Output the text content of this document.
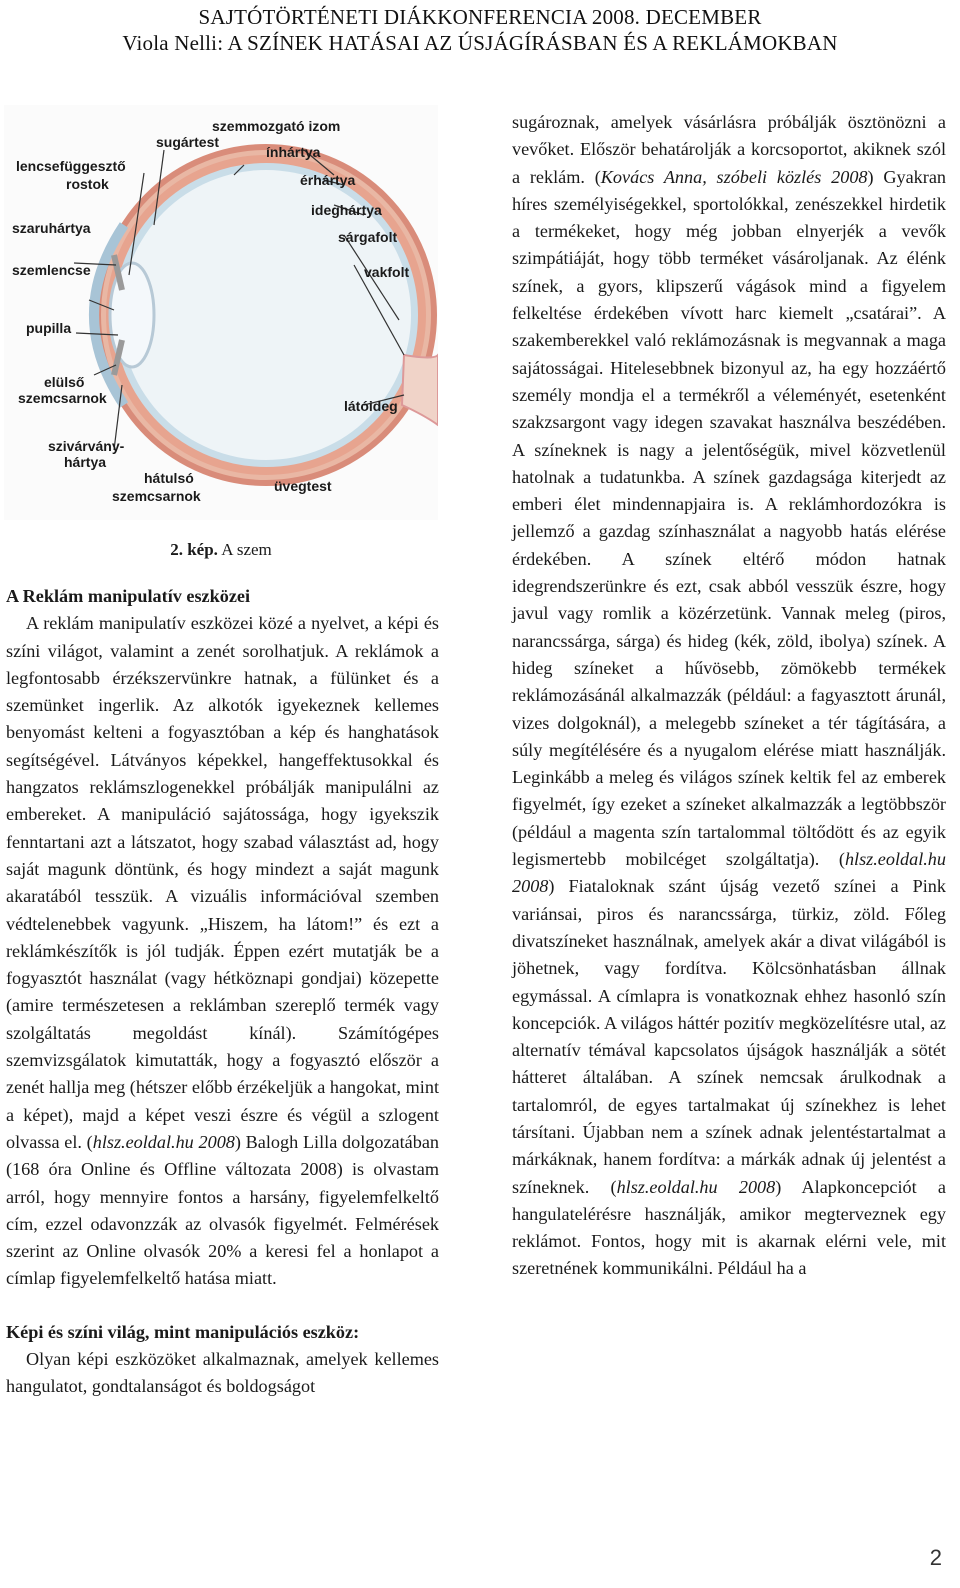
SAJTÓTÖRTÉNETI DIÁKKONFERENCIA 2008. DECEMBER
Viola Nelli: A SZÍNEK HATÁSAI AZ ÚSJÁGÍRÁSBAN ÉS A REKLÁMOKBAN
sugártest
szemmozgató izom
lencsefüggesztő
rostok
ínhártya
érhártya
szaruhártya
ideghártya
sárgafolt
szemlencse	vakfolt
pupilla
elülső
szemcsarnok	látóideg
szivárvány-
hártya
hátulsó
szemcsarnok
üvegtest
2. kép. A szem

A Reklám manipulatív eszközei

A reklám manipulatív eszközei közé a nyelvet, a képi és színi világot, valamint a zenét sorolhatjuk. A reklámok a legfontosabb érzékszervünkre hatnak, a fülünket és a szemünket ingerlik. Az alkotók igyekeznek kellemes benyomást kelteni a fogyasztóban a kép és hanghatások segítségével. Látványos képekkel, hangeffektusokkal és hangzatos reklámszlogenekkel próbálják manipulálni az embereket. A manipuláció sajátossága, hogy igyekszik fenntartani azt a látszatot, hogy szabad választást ad, hogy saját magunk döntünk, és hogy mindezt a saját magunk akaratából tesszük. A vizuális információval szemben védtelenebbek vagyunk. „Hiszem, ha látom!” és ezt a reklámkészítők is jól tudják. Éppen ezért mutatják be a fogyasztót használat (vagy hétköznapi gondjai) közepette (amire természetesen a reklámban szereplő termék vagy szolgáltatás megoldást kínál). Számítógépes szemvizsgálatok kimutatták, hogy a fogyasztó először a zenét hallja meg (hétszer előbb érzékeljük a hangokat, mint a képet), majd a képet veszi észre és végül a szlogent olvassa el. (hlsz.eoldal.hu 2008) Balogh Lilla dolgozatában (168 óra Online és Offline változata 2008) is olvastam arról, hogy mennyire fontos a harsány, figyelemfelkeltő cím, ezzel odavonzzák az olvasók figyelmét. Felmérések szerint az Online olvasók 20% a keresi fel a honlapot a címlap figyelemfelkeltő hatása miatt.

Képi és színi világ, mint manipulációs eszköz:

Olyan képi eszközöket alkalmaznak, amelyek kellemes hangulatot, gondtalanságot és boldogságot

sugároznak, amelyek vásárlásra próbálják ösztönözni a vevőket. Először behatárolják a korcsoportot, akiknek szól a reklám. (Kovács Anna, szóbeli közlés 2008) Gyakran híres személyiségekkel, sportolókkal, zenészekkel hirdetik a termékeket, hogy még jobban elnyerjék a vevők szimpátiáját, hogy több terméket vásároljanak. Az élénk színek, a gyors, klipszerű vágások mind a figyelem felkeltése érdekében vívott harc kiemelt „csatárai”. A szakemberekkel való reklámozásnak is megvannak a maga sajátosságai. Hitelesebbnek bizonyul az, ha egy hozzáértő személy mondja el a termékről a véleményét, esetenként szakzsargont vagy idegen szavakat használva beszédében. A színeknek is nagy a jelentőségük, mivel közvetlenül hatolnak a tudatunkba. A színek gazdagsága kiterjedt az emberi élet mindennapjaira is. A reklámhordozókra is jellemző a gazdag színhasználat a nagyobb hatás elérése érdekében. A színek eltérő módon hatnak idegrendszerünkre és ezt, csak abból vesszük észre, hogy javul vagy romlik a közérzetünk. Vannak meleg (piros, narancssárga, sárga) és hideg (kék, zöld, ibolya) színek. A hideg színeket a hűvösebb, zömökebb termékek reklámozásánál alkalmazzák (például: a fagyasztott árunál, vizes dolgoknál), a melegebb színeket a tér tágítására, a súly megítélésére és a nyugalom elérése miatt használják. Leginkább a meleg és világos színek keltik fel az emberek figyelmét, így ezeket a színeket alkalmazzák a legtöbbször (például a magenta szín tartalommal töltődött és az egyik legismertebb mobilcéget szolgáltatja). (hlsz.eoldal.hu 2008) Fiataloknak szánt újság vezető színei a Pink variánsai, piros és narancssárga, türkiz, zöld. Főleg divatszíneket használnak, amelyek akár a divat világából is jöhetnek, vagy fordítva. Kölcsönhatásban állnak egymással. A címlapra is vonatkoznak ehhez hasonló szín koncepciók. A világos háttér pozitív megközelítésre utal, az alternatív témával kapcsolatos újságok használják a sötét hátteret általában. A színek nemcsak árulkodnak a tartalomról, de egyes tartalmakat új színekhez is lehet társítani. Újabban nem a színek adnak jelentéstartalmat a márkáknak, hanem fordítva: a márkák adnak új jelentést a színeknek. (hlsz.eoldal.hu 2008) Alapkoncepciót a hangulatelérésre használják, amikor megterveznek egy reklámot. Fontos, hogy mit is akarnak elérni vele, mit szeretnének kommunikálni. Például ha a

2
